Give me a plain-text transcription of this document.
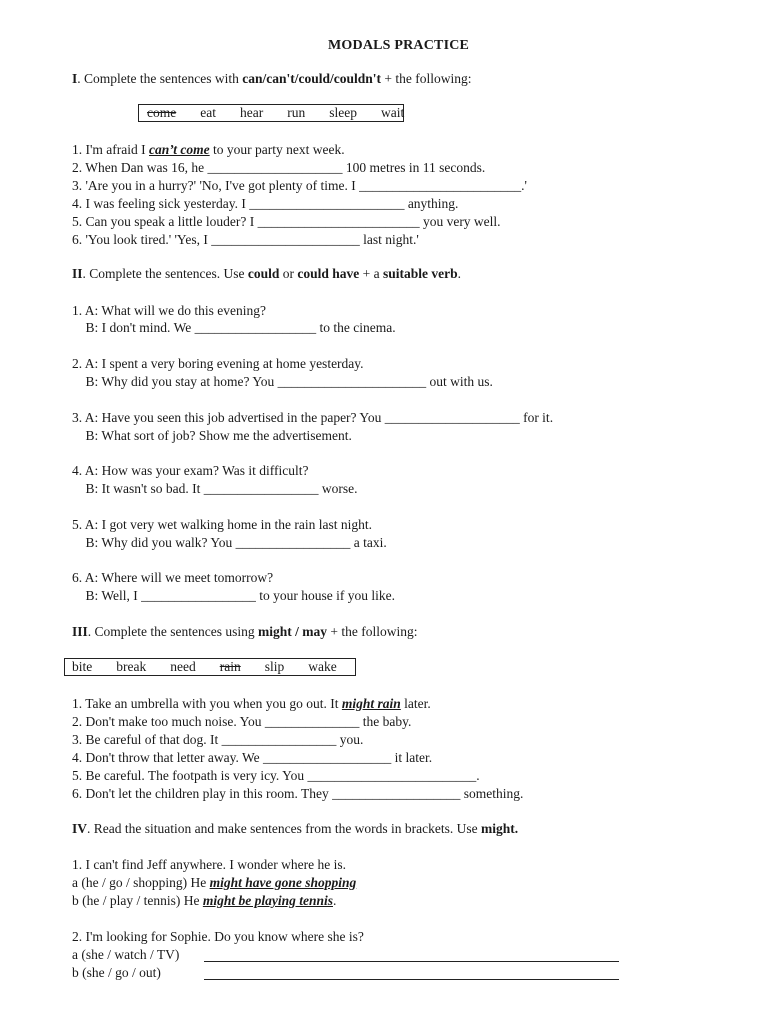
MODALS PRACTICE
I. Complete the sentences with can/can't/could/couldn't + the following:
come eat hear run sleep wait
1. I'm afraid I can’t come to your party next week.
2. When Dan was 16, he ____________________ 100 metres in 11 seconds.
3. 'Are you in a hurry?' 'No, I've got plenty of time. I ________________________.'
4. I was feeling sick yesterday. I _______________________ anything.
5. Can you speak a little louder? I ________________________ you very well.
6. 'You look tired.' 'Yes, I ______________________ last night.'
II. Complete the sentences. Use could or could have + a suitable verb.
1. A: What will we do this evening?
B: I don't mind. We __________________ to the cinema.
2. A: I spent a very boring evening at home yesterday.
B: Why did you stay at home? You ______________________ out with us.
3. A: Have you seen this job advertised in the paper? You ____________________ for it.
B: What sort of job? Show me the advertisement.
4. A: How was your exam? Was it difficult?
B: It wasn't so bad. It _________________ worse.
5. A: I got very wet walking home in the rain last night.
B: Why did you walk? You _________________ a taxi.
6. A: Where will we meet tomorrow?
B: Well, I _________________ to your house if you like.
III. Complete the sentences using might / may + the following:
bite break need rain slip wake
1. Take an umbrella with you when you go out. It might rain later.
2. Don't make too much noise. You ______________ the baby.
3. Be careful of that dog. It _________________ you.
4. Don't throw that letter away. We ___________________ it later.
5. Be careful. The footpath is very icy. You _________________________.
6. Don't let the children play in this room. They ___________________ something.
IV. Read the situation and make sentences from the words in brackets. Use might.
1. I can't find Jeff anywhere. I wonder where he is.
a (he / go / shopping) He might have gone shopping
b (he / play / tennis) He might be playing tennis.
2. I'm looking for Sophie. Do you know where she is?
a (she / watch / TV)
b (she / go / out)
